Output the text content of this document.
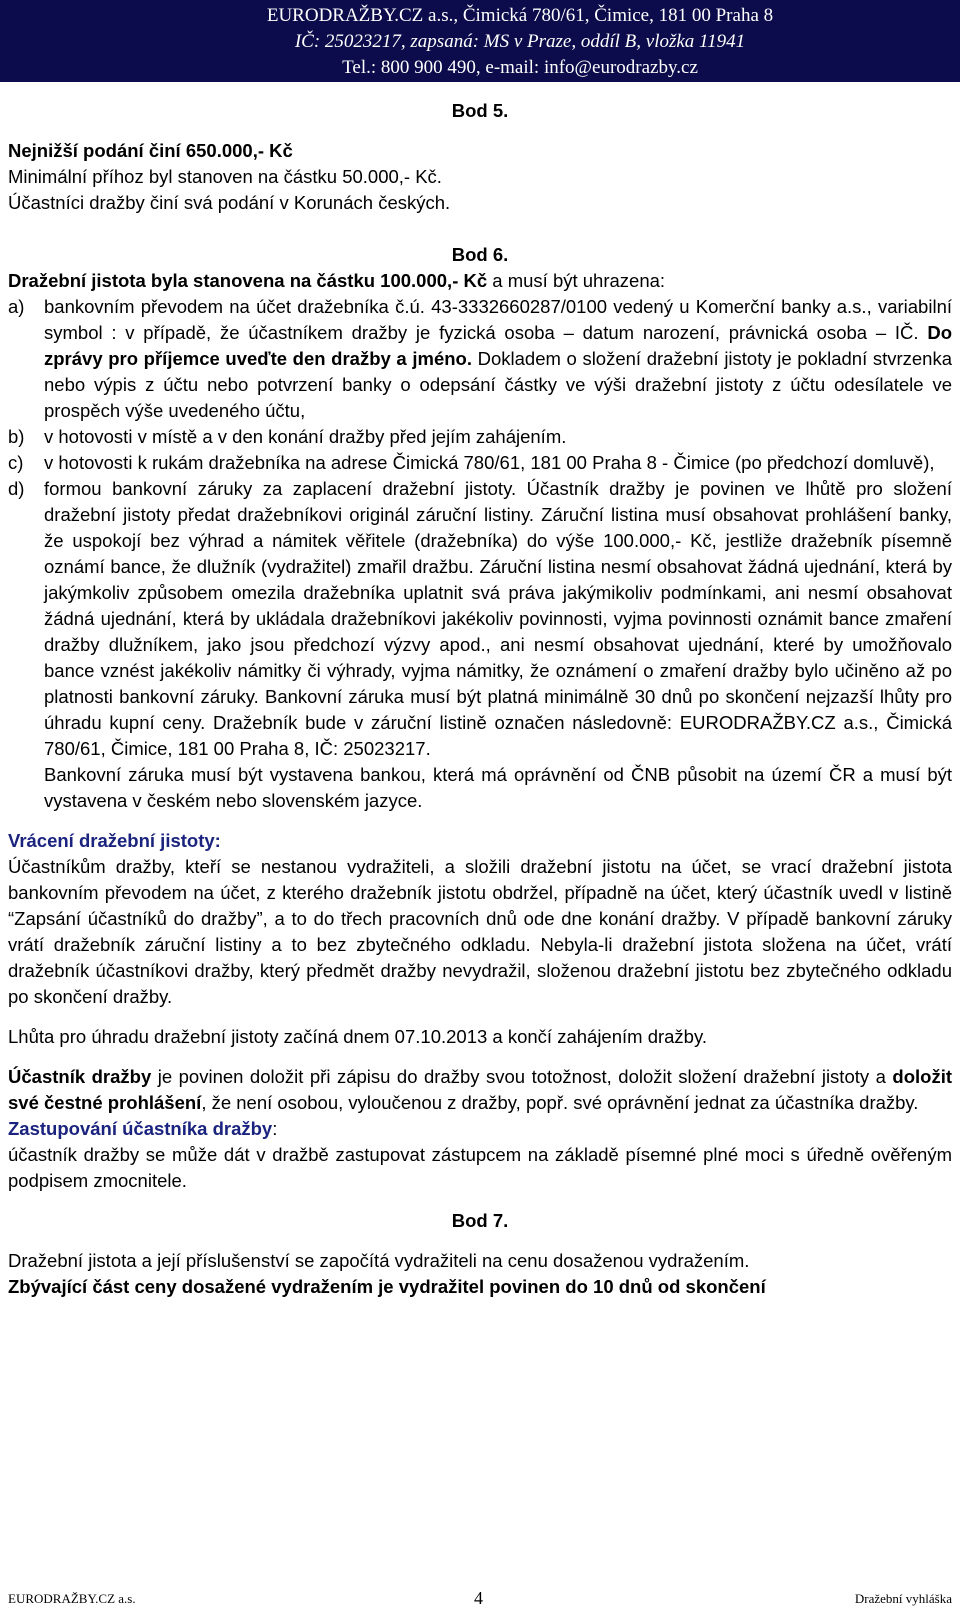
EURODRAŽBY.CZ a.s., Čimická 780/61, Čimice, 181 00 Praha 8
IČ: 25023217, zapsaná: MS v Praze, oddíl B, vložka 11941
Tel.: 800 900 490, e-mail: info@eurodrazby.cz
Bod 5.
Nejnižší podání činí 650.000,- Kč
Minimální příhoz byl stanoven na částku 50.000,- Kč.
Účastníci dražby činí svá podání v Korunách českých.
Bod 6.
Dražební jistota byla stanovena na částku 100.000,- Kč a musí být uhrazena:
a)	bankovním převodem na účet dražebníka č.ú. 43-3332660287/0100 vedený u Komerční banky a.s., variabilní symbol : v případě, že účastníkem dražby je fyzická osoba – datum narození, právnická osoba – IČ. Do zprávy pro příjemce uveďte den dražby a jméno. Dokladem o složení dražební jistoty je pokladní stvrzenka nebo výpis z účtu nebo potvrzení banky o odepsání částky ve výši dražební jistoty z účtu odesílatele ve prospěch výše uvedeného účtu,
b)	v hotovosti v místě a v den konání dražby před jejím zahájením.
c)	v hotovosti k rukám dražebníka na adrese Čimická 780/61, 181 00 Praha 8 - Čimice (po předchozí domluvě),
d)	formou bankovní záruky za zaplacení dražební jistoty. Účastník dražby je povinen ve lhůtě pro složení dražební jistoty předat dražebníkovi originál záruční listiny. Záruční listina musí obsahovat prohlášení banky, že uspokojí bez výhrad a námitek věřitele (dražebníka) do výše 100.000,- Kč, jestliže dražebník písemně oznámí bance, že dlužník (vydražitel) zmařil dražbu. Záruční listina nesmí obsahovat žádná ujednání, která by jakýmkoliv způsobem omezila dražebníka uplatnit svá práva jakýmikoliv podmínkami, ani nesmí obsahovat žádná ujednání, která by ukládala dražebníkovi jakékoliv povinnosti, vyjma povinnosti oznámit bance zmaření dražby dlužníkem, jako jsou předchozí výzvy apod., ani nesmí obsahovat ujednání, které by umožňovalo bance vznést jakékoliv námitky či výhrady, vyjma námitky, že oznámení o zmaření dražby bylo učiněno až po platnosti bankovní záruky. Bankovní záruka musí být platná minimálně 30 dnů po skončení nejzazší lhůty pro úhradu kupní ceny. Dražebník bude v záruční listině označen následovně: EURODRAŽBY.CZ a.s., Čimická 780/61, Čimice, 181 00 Praha 8, IČ: 25023217.
Bankovní záruka musí být vystavena bankou, která má oprávnění od ČNB působit na území ČR a musí být vystavena v českém nebo slovenském jazyce.
Vrácení dražební jistoty:
Účastníkům dražby, kteří se nestanou vydražiteli, a složili dražební jistotu na účet, se vrací dražební jistota bankovním převodem na účet, z kterého dražebník jistotu obdržel, případně na účet, který účastník uvedl v listině “Zapsání účastníků do dražby”, a to do třech pracovních dnů ode dne konání dražby. V případě bankovní záruky vrátí dražebník záruční listiny a to bez zbytečného odkladu. Nebyla-li dražební jistota složena na účet, vrátí dražebník účastníkovi dražby, který předmět dražby nevydražil, složenou dražební jistotu bez zbytečného odkladu po skončení dražby.
Lhůta pro úhradu dražební jistoty začíná dnem 07.10.2013 a končí zahájením dražby.
Účastník dražby je povinen doložit při zápisu do dražby svou totožnost, doložit složení dražební jistoty a doložit své čestné prohlášení, že není osobou, vyloučenou z dražby, popř. své oprávnění jednat za účastníka dražby.
Zastupování účastníka dražby:
účastník dražby se může dát v dražbě zastupovat zástupcem na základě písemné plné moci s úředně ověřeným podpisem zmocnitele.
Bod 7.
Dražební jistota a její příslušenství se započítá vydražiteli na cenu dosaženou vydražením.
Zbývající část ceny dosažené vydražením je vydražitel povinen do 10 dnů od skončení
EURODRAŽBY.CZ a.s.	4	Dražební vyhláška
